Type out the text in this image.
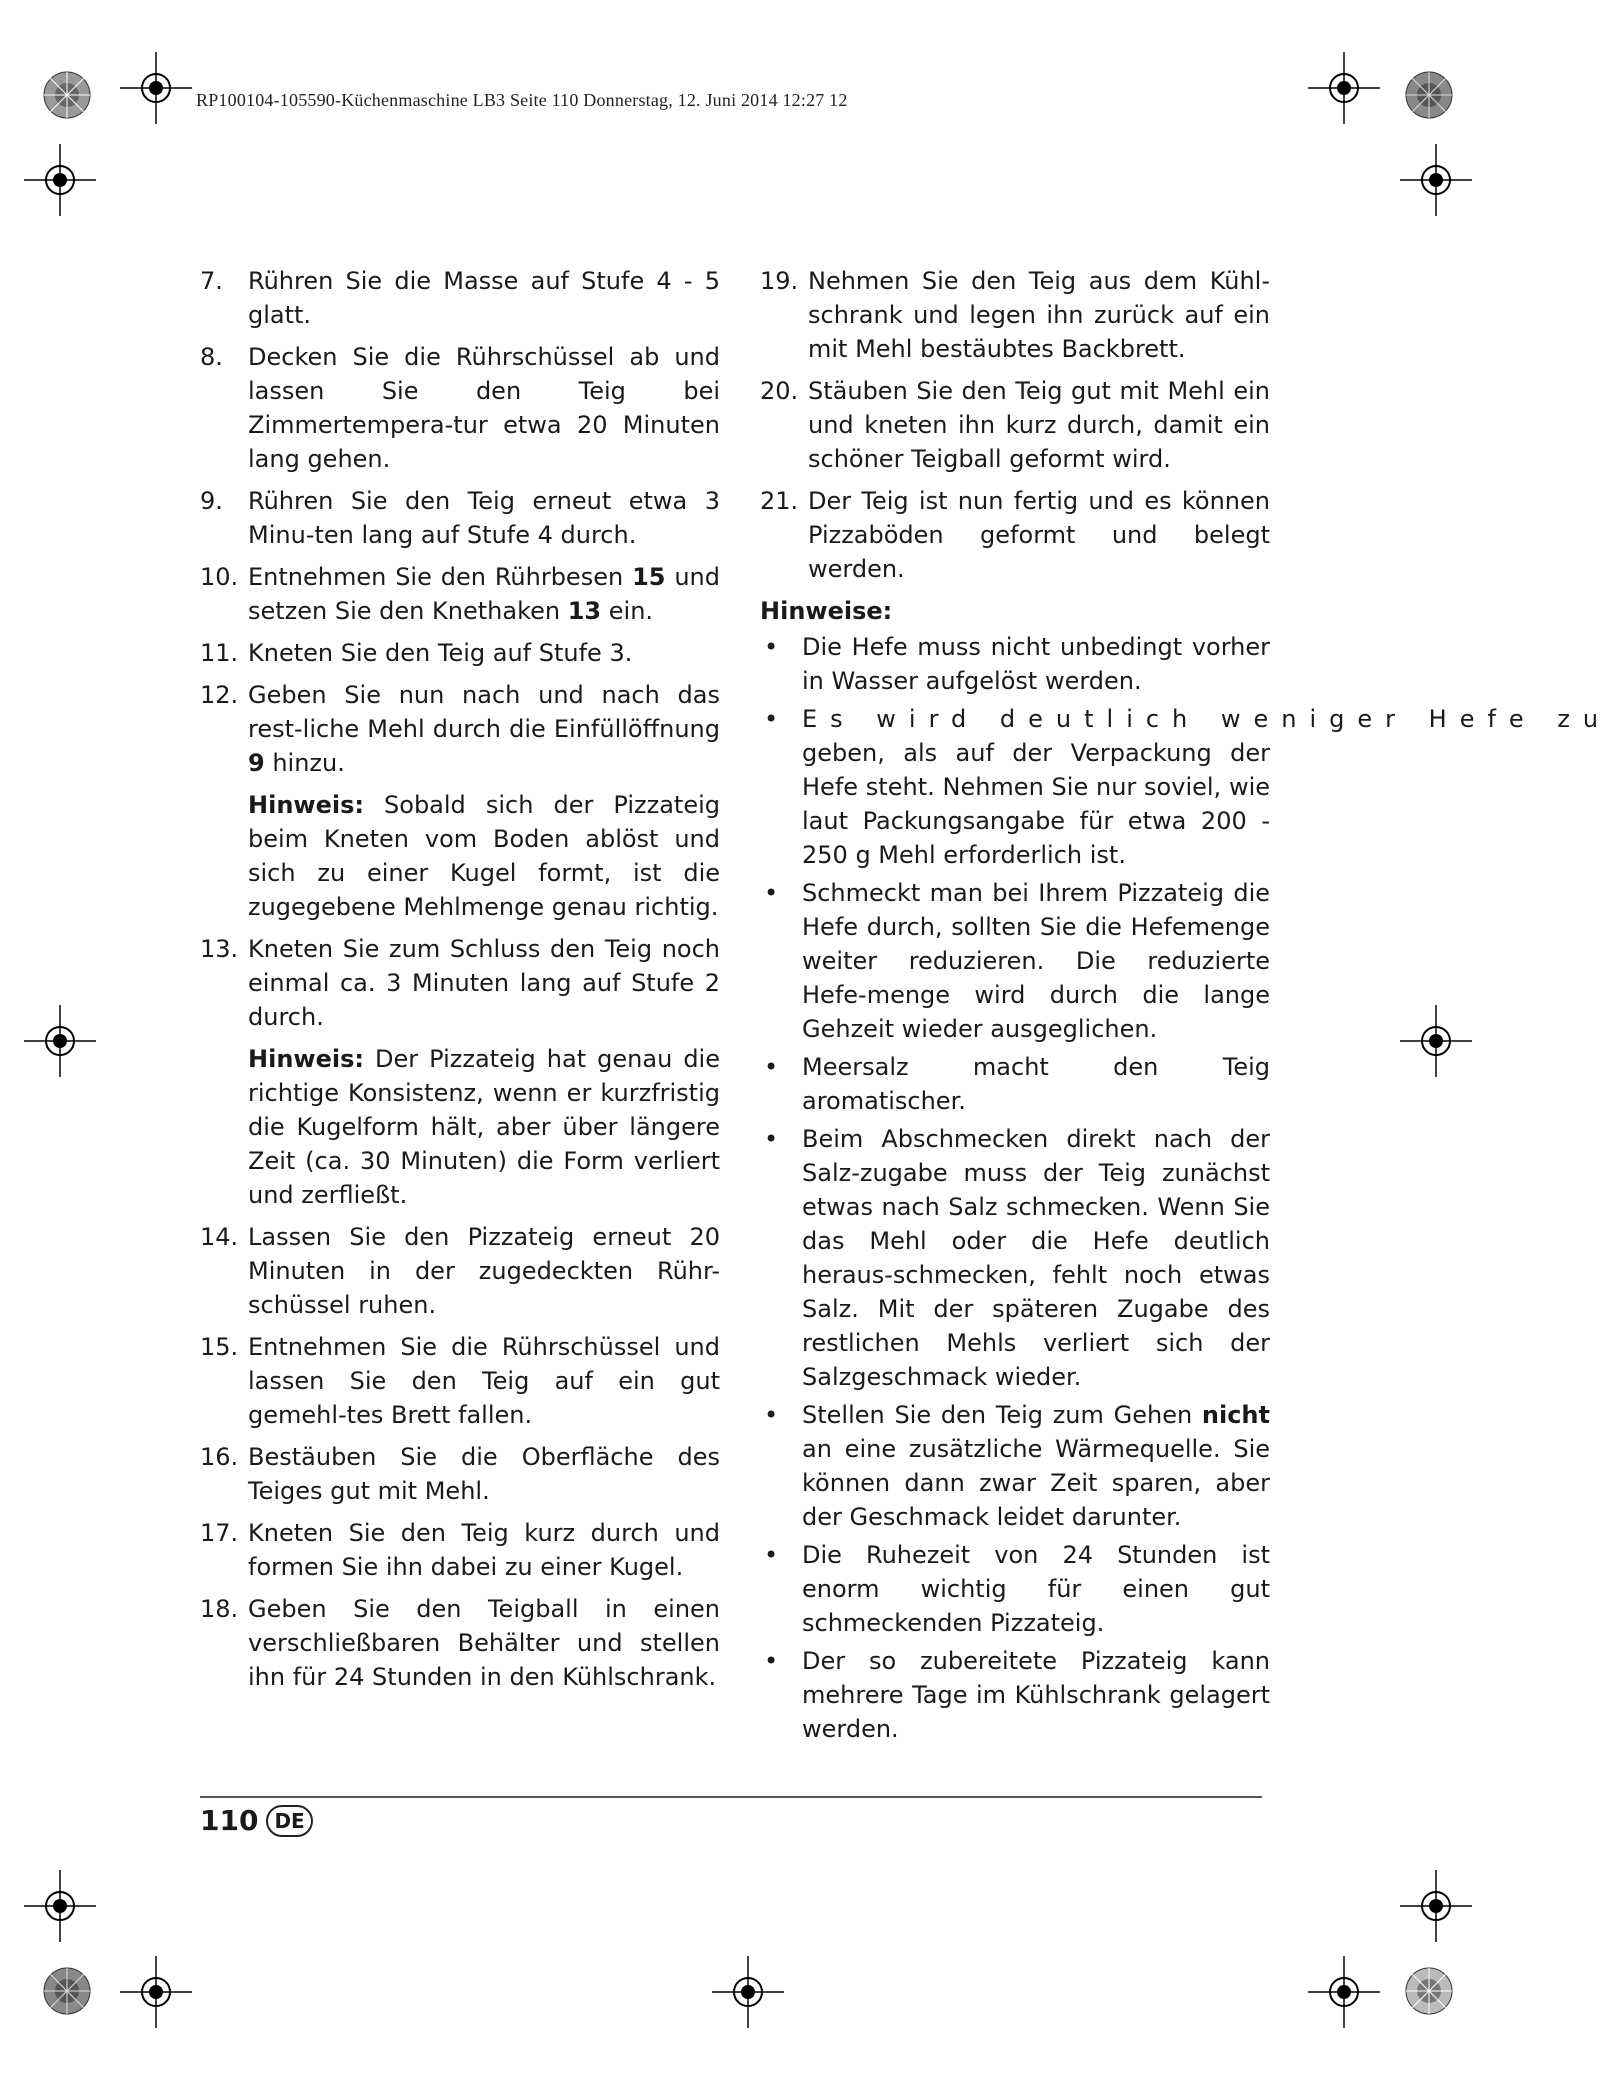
RP100104-105590-Küchenmaschine LB3 Seite 110 Donnerstag, 12. Juni 2014 12:27 12
7. Rühren Sie die Masse auf Stufe 4 - 5 glatt.
8. Decken Sie die Rührschüssel ab und lassen Sie den Teig bei Zimmertempera-tur etwa 20 Minuten lang gehen.
9. Rühren Sie den Teig erneut etwa 3 Minu-ten lang auf Stufe 4 durch.
10. Entnehmen Sie den Rührbesen 15 und setzen Sie den Knethaken 13 ein.
11. Kneten Sie den Teig auf Stufe 3.
12. Geben Sie nun nach und nach das rest-liche Mehl durch die Einfüllöffnung 9 hinzu.
Hinweis: Sobald sich der Pizzateig beim Kneten vom Boden ablöst und sich zu einer Kugel formt, ist die zugegebene Mehlmenge genau richtig.
13. Kneten Sie zum Schluss den Teig noch einmal ca. 3 Minuten lang auf Stufe 2 durch.
Hinweis: Der Pizzateig hat genau die richtige Konsistenz, wenn er kurzfristig die Kugelform hält, aber über längere Zeit (ca. 30 Minuten) die Form verliert und zerfließt.
14. Lassen Sie den Pizzateig erneut 20 Minuten in der zugedeckten Rühr-schüssel ruhen.
15. Entnehmen Sie die Rührschüssel und lassen Sie den Teig auf ein gut gemehl-tes Brett fallen.
16. Bestäuben Sie die Oberfläche des Teiges gut mit Mehl.
17. Kneten Sie den Teig kurz durch und formen Sie ihn dabei zu einer Kugel.
18. Geben Sie den Teigball in einen verschließbaren Behälter und stellen ihn für 24 Stunden in den Kühlschrank.
19. Nehmen Sie den Teig aus dem Kühl-schrank und legen ihn zurück auf ein mit Mehl bestäubtes Backbrett.
20. Stäuben Sie den Teig gut mit Mehl ein und kneten ihn kurz durch, damit ein schöner Teigball geformt wird.
21. Der Teig ist nun fertig und es können Pizzaböden geformt und belegt werden.
Hinweise:
• Die Hefe muss nicht unbedingt vorher in Wasser aufgelöst werden.
• Es wird deutlich weniger Hefe zu
geben, als auf der Verpackung der Hefe steht. Nehmen Sie nur soviel, wie laut Packungsangabe für etwa 200 - 250 g Mehl erforderlich ist.
• Schmeckt man bei Ihrem Pizzateig die Hefe durch, sollten Sie die Hefemenge weiter reduzieren. Die reduzierte Hefe-menge wird durch die lange Gehzeit wieder ausgeglichen.
• Meersalz macht den Teig aromatischer.
• Beim Abschmecken direkt nach der Salz-zugabe muss der Teig zunächst etwas nach Salz schmecken. Wenn Sie das Mehl oder die Hefe deutlich heraus-schmecken, fehlt noch etwas Salz. Mit der späteren Zugabe des restlichen Mehls verliert sich der Salzgeschmack wieder.
• Stellen Sie den Teig zum Gehen nicht an eine zusätzliche Wärmequelle. Sie können dann zwar Zeit sparen, aber der Geschmack leidet darunter.
• Die Ruhezeit von 24 Stunden ist enorm wichtig für einen gut schmeckenden Pizzateig.
• Der so zubereitete Pizzateig kann mehrere Tage im Kühlschrank gelagert werden.
110 DE
